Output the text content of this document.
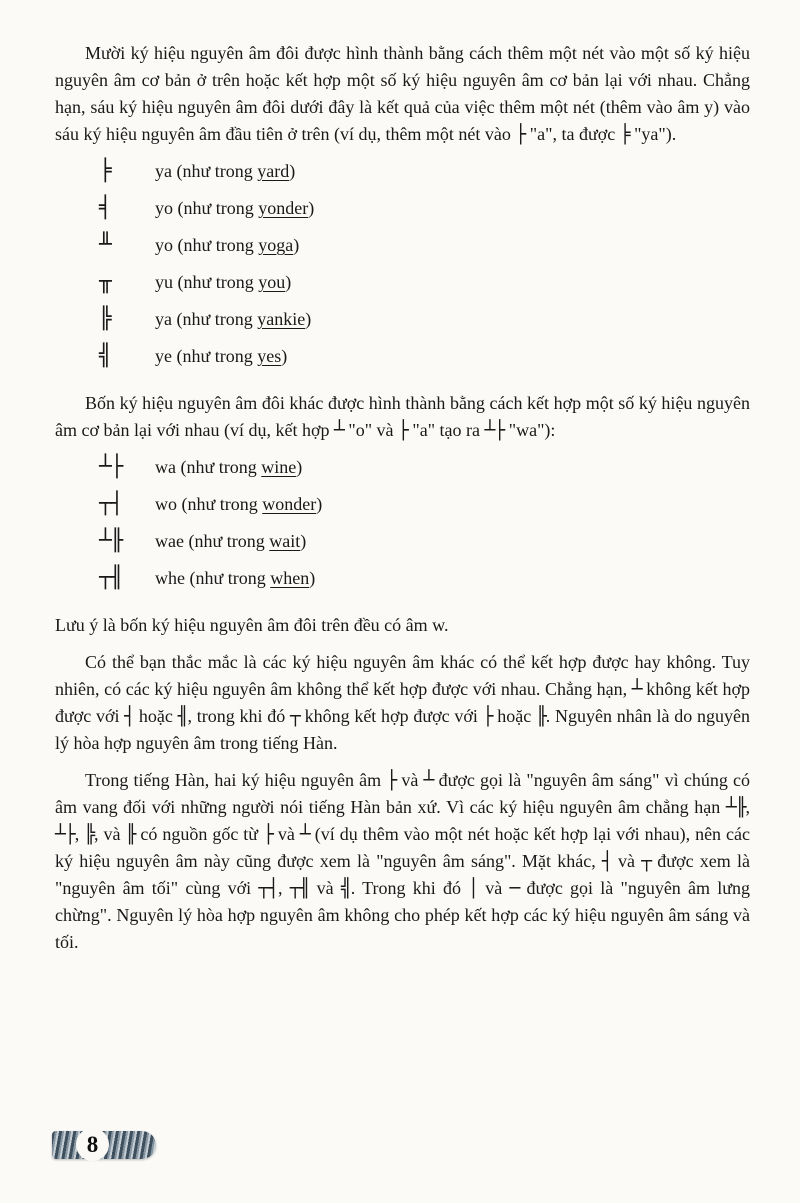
Mười ký hiệu nguyên âm đôi được hình thành bằng cách thêm một nét vào một số ký hiệu nguyên âm cơ bản ở trên hoặc kết hợp một số ký hiệu nguyên âm cơ bản lại với nhau. Chẳng hạn, sáu ký hiệu nguyên âm đôi dưới đây là kết quả của việc thêm một nét (thêm vào âm y) vào sáu ký hiệu nguyên âm đầu tiên ở trên (ví dụ, thêm một nét vào ├ "a", ta được ╞ "ya").

╞	ya (như trong yard)
╡	yo (như trong yonder)
╨	yo (như trong yoga)
╥	yu (như trong you)
╠	ya (như trong yankie)
╣	ye (như trong yes)

Bốn ký hiệu nguyên âm đôi khác được hình thành bằng cách kết hợp một số ký hiệu nguyên âm cơ bản lại với nhau (ví dụ, kết hợp ┴ "o" và ├ "a" tạo ra ┴├ "wa"):

┴├	wa (như trong wine)
┬┤	wo (như trong wonder)
┴╟	wae (như trong wait)
┬╢	whe (như trong when)

Lưu ý là bốn ký hiệu nguyên âm đôi trên đều có âm w.

Có thể bạn thắc mắc là các ký hiệu nguyên âm khác có thể kết hợp được hay không. Tuy nhiên, có các ký hiệu nguyên âm không thể kết hợp được với nhau. Chẳng hạn, ┴ không kết hợp được với ┤ hoặc ╢, trong khi đó ┬ không kết hợp được với ├ hoặc ╟. Nguyên nhân là do nguyên lý hòa hợp nguyên âm trong tiếng Hàn.

Trong tiếng Hàn, hai ký hiệu nguyên âm ├ và ┴ được gọi là "nguyên âm sáng" vì chúng có âm vang đối với những người nói tiếng Hàn bản xứ. Vì các ký hiệu nguyên âm chẳng hạn ┴╟, ┴├, ╠, và ╟ có nguồn gốc từ ├ và ┴ (ví dụ thêm vào một nét hoặc kết hợp lại với nhau), nên các ký hiệu nguyên âm này cũng được xem là "nguyên âm sáng". Mặt khác, ┤ và ┬ được xem là "nguyên âm tối" cùng với ┬┤, ┬╢ và ╣. Trong khi đó │ và ─ được gọi là "nguyên âm lưng chừng". Nguyên lý hòa hợp nguyên âm không cho phép kết hợp các ký hiệu nguyên âm sáng và tối.

8
